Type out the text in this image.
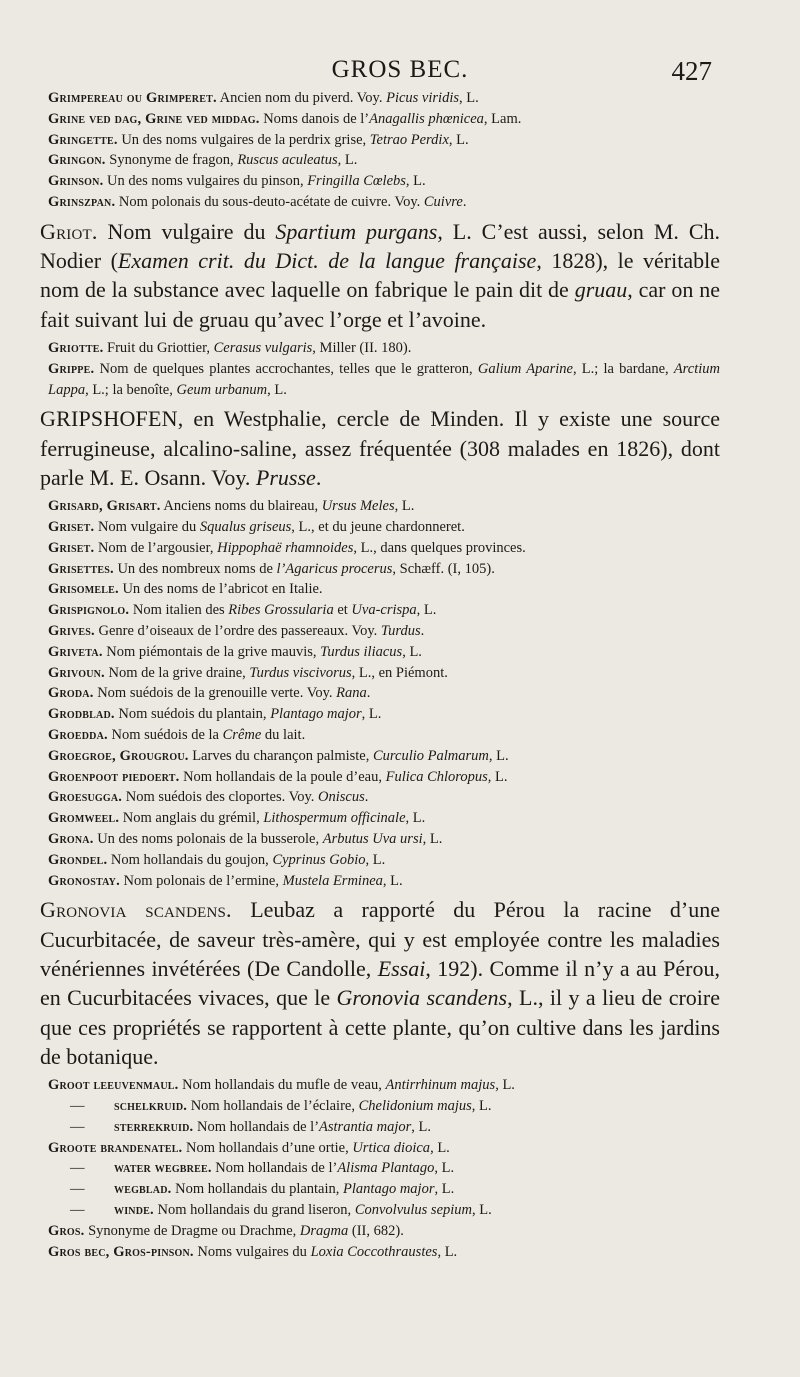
GROS BEC.	427

Grimpereau ou Grimperet. Ancien nom du piverd. Voy. Picus viridis, L.

Grine ved dag, Grine ved middag. Noms danois de l’Anagallis phœnicea, Lam.

Gringette. Un des noms vulgaires de la perdrix grise, Tetrao Perdix, L.

Gringon. Synonyme de fragon, Ruscus aculeatus, L.

Grinson. Un des noms vulgaires du pinson, Fringilla Cœlebs, L.

Grinszpan. Nom polonais du sous-deuto-acétate de cuivre. Voy. Cuivre.

Griot. Nom vulgaire du Spartium purgans, L. C’est aussi, selon M. Ch. Nodier (Examen crit. du Dict. de la langue française, 1828), le véritable nom de la substance avec laquelle on fabrique le pain dit de gruau, car on ne fait suivant lui de gruau qu’avec l’orge et l’avoine.

Griotte. Fruit du Griottier, Cerasus vulgaris, Miller (II. 180).

Grippe. Nom de quelques plantes accrochantes, telles que le gratteron, Galium Aparine, L.; la bardane, Arctium Lappa, L.; la benoîte, Geum urbanum, L.

GRIPSHOFEN, en Westphalie, cercle de Minden. Il y existe une source ferrugineuse, alcalino-saline, assez fréquentée (308 malades en 1826), dont parle M. E. Osann. Voy. Prusse.

Grisard, Grisart. Anciens noms du blaireau, Ursus Meles, L.

Griset. Nom vulgaire du Squalus griseus, L., et du jeune chardonneret.

Griset. Nom de l’argousier, Hippophaë rhamnoides, L., dans quelques provinces.

Grisettes. Un des nombreux noms de l’Agaricus procerus, Schæff. (I, 105).

Grisomele. Un des noms de l’abricot en Italie.

Grispignolo. Nom italien des Ribes Grossularia et Uva-crispa, L.

Grives. Genre d’oiseaux de l’ordre des passereaux. Voy. Turdus.

Griveta. Nom piémontais de la grive mauvis, Turdus iliacus, L.

Grivoun. Nom de la grive draine, Turdus viscivorus, L., en Piémont.

Groda. Nom suédois de la grenouille verte. Voy. Rana.

Grodblad. Nom suédois du plantain, Plantago major, L.

Groedda. Nom suédois de la Crême du lait.

Groegroe, Grougrou. Larves du charançon palmiste, Curculio Palmarum, L.

Groenpoot piedoert. Nom hollandais de la poule d’eau, Fulica Chloropus, L.

Groesugga. Nom suédois des cloportes. Voy. Oniscus.

Gromweel. Nom anglais du grémil, Lithospermum officinale, L.

Grona. Un des noms polonais de la busserole, Arbutus Uva ursi, L.

Grondel. Nom hollandais du goujon, Cyprinus Gobio, L.

Gronostay. Nom polonais de l’ermine, Mustela Erminea, L.

Gronovia scandens. Leubaz a rapporté du Pérou la racine d’une Cucurbitacée, de saveur très-amère, qui y est employée contre les maladies vénériennes invétérées (De Candolle, Essai, 192). Comme il n’y a au Pérou, en Cucurbitacées vivaces, que le Gronovia scandens, L., il y a lieu de croire que ces propriétés se rapportent à cette plante, qu’on cultive dans les jardins de botanique.

Groot leeuvenmaul. Nom hollandais du mufle de veau, Antirrhinum majus, L.

— schelkruid. Nom hollandais de l’éclaire, Chelidonium majus, L.

— sterrekruid. Nom hollandais de l’Astrantia major, L.

Groote brandenatel. Nom hollandais d’une ortie, Urtica dioica, L.

— water wegbree. Nom hollandais de l’Alisma Plantago, L.

— wegblad. Nom hollandais du plantain, Plantago major, L.

— winde. Nom hollandais du grand liseron, Convolvulus sepium, L.

Gros. Synonyme de Dragme ou Drachme, Dragma (II, 682).

Gros bec, Gros-pinson. Noms vulgaires du Loxia Coccothraustes, L.
